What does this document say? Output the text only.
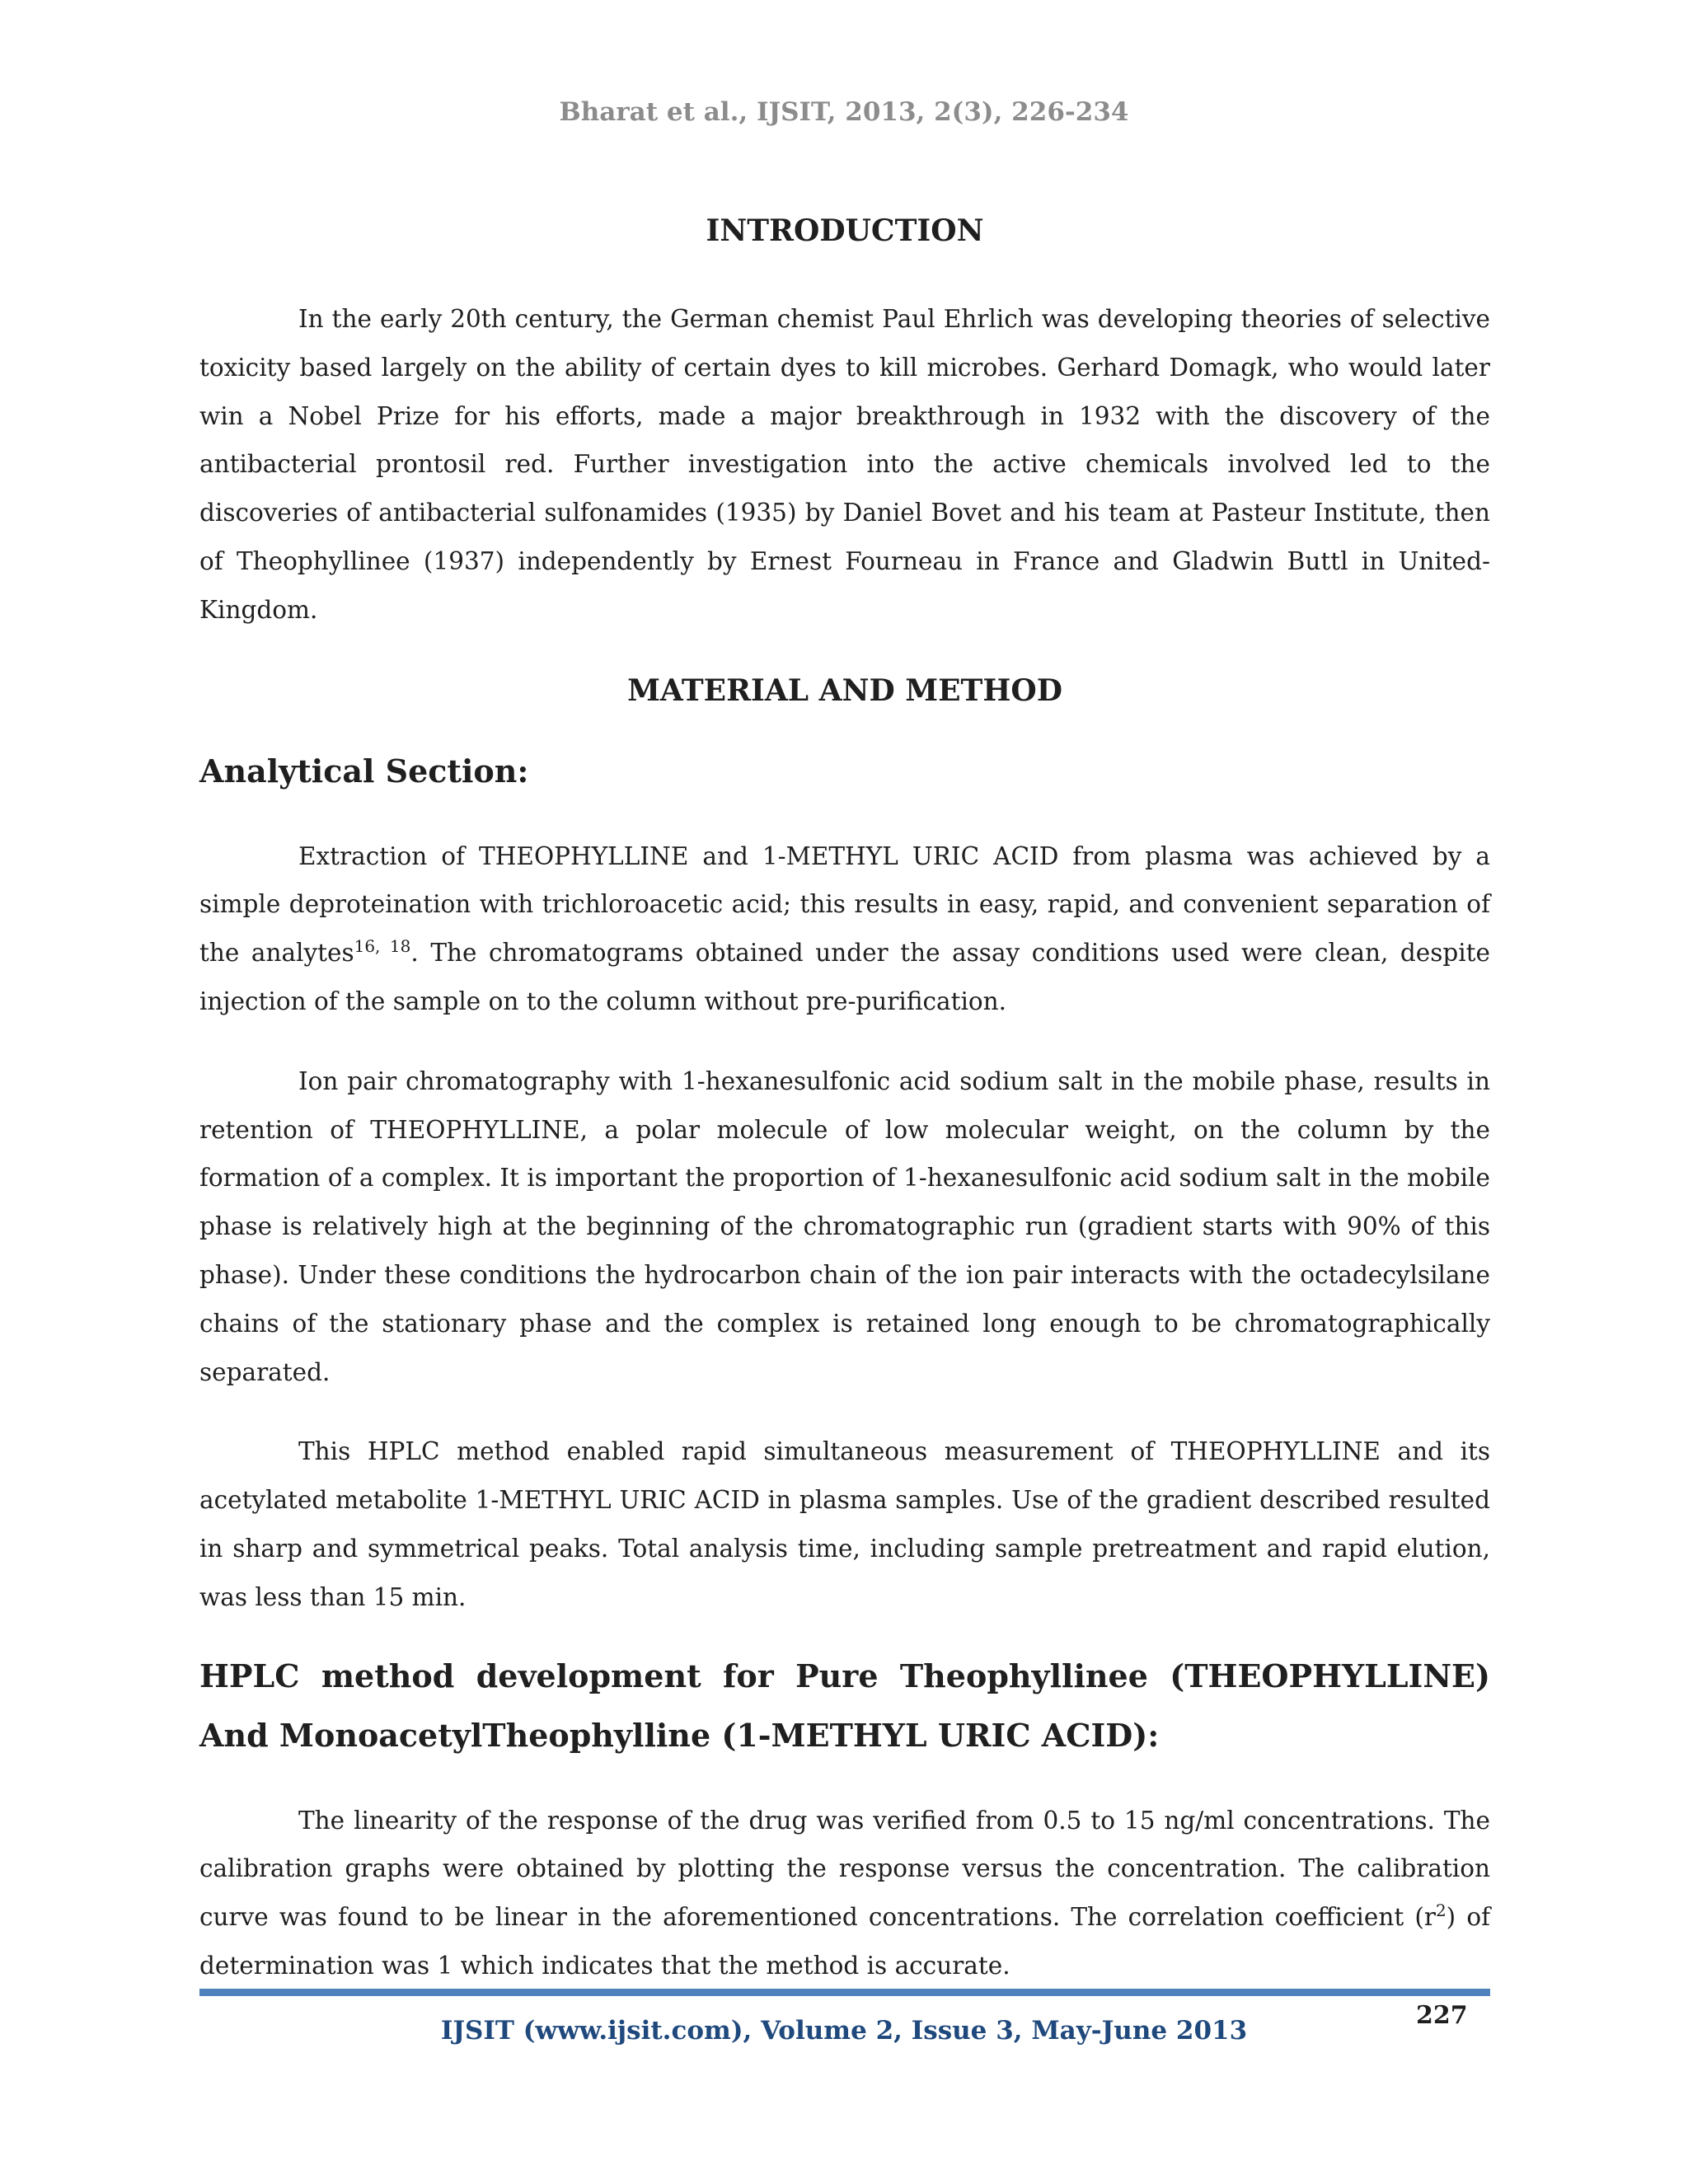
Bharat et al., IJSIT, 2013, 2(3), 226-234
INTRODUCTION

In the early 20th century, the German chemist Paul Ehrlich was developing theories of selective toxicity based largely on the ability of certain dyes to kill microbes. Gerhard Domagk, who would later win a Nobel Prize for his efforts, made a major breakthrough in 1932 with the discovery of the antibacterial prontosil red. Further investigation into the active chemicals involved led to the discoveries of antibacterial sulfonamides (1935) by Daniel Bovet and his team at Pasteur Institute, then of Theophyllinee (1937) independently by Ernest Fourneau in France and Gladwin Buttl in United-Kingdom.

MATERIAL AND METHOD
Analytical Section:

Extraction of THEOPHYLLINE and 1-METHYL URIC ACID from plasma was achieved by a simple deproteination with trichloroacetic acid; this results in easy, rapid, and convenient separation of the analytes$^{16, 18}$. The chromatograms obtained under the assay conditions used were clean, despite injection of the sample on to the column without pre-purification.

Ion pair chromatography with 1-hexanesulfonic acid sodium salt in the mobile phase, results in retention of THEOPHYLLINE, a polar molecule of low molecular weight, on the column by the formation of a complex. It is important the proportion of 1-hexanesulfonic acid sodium salt in the mobile phase is relatively high at the beginning of the chromatographic run (gradient starts with 90% of this phase). Under these conditions the hydrocarbon chain of the ion pair interacts with the octadecylsilane chains of the stationary phase and the complex is retained long enough to be chromatographically separated.

This HPLC method enabled rapid simultaneous measurement of THEOPHYLLINE and its acetylated metabolite 1-METHYL URIC ACID in plasma samples. Use of the gradient described resulted in sharp and symmetrical peaks. Total analysis time, including sample pretreatment and rapid elution, was less than 15 min.

HPLC method development for Pure Theophyllinee (THEOPHYLLINE) And MonoacetylTheophylline (1-METHYL URIC ACID):

The linearity of the response of the drug was verified from 0.5 to 15 ng/ml concentrations. The calibration graphs were obtained by plotting the response versus the concentration. The calibration curve was found to be linear in the aforementioned concentrations. The correlation coefficient $(r^2)$ of determination was 1 which indicates that the method is accurate.

227
IJSIT (www.ijsit.com), Volume 2, Issue 3, May-June 2013
